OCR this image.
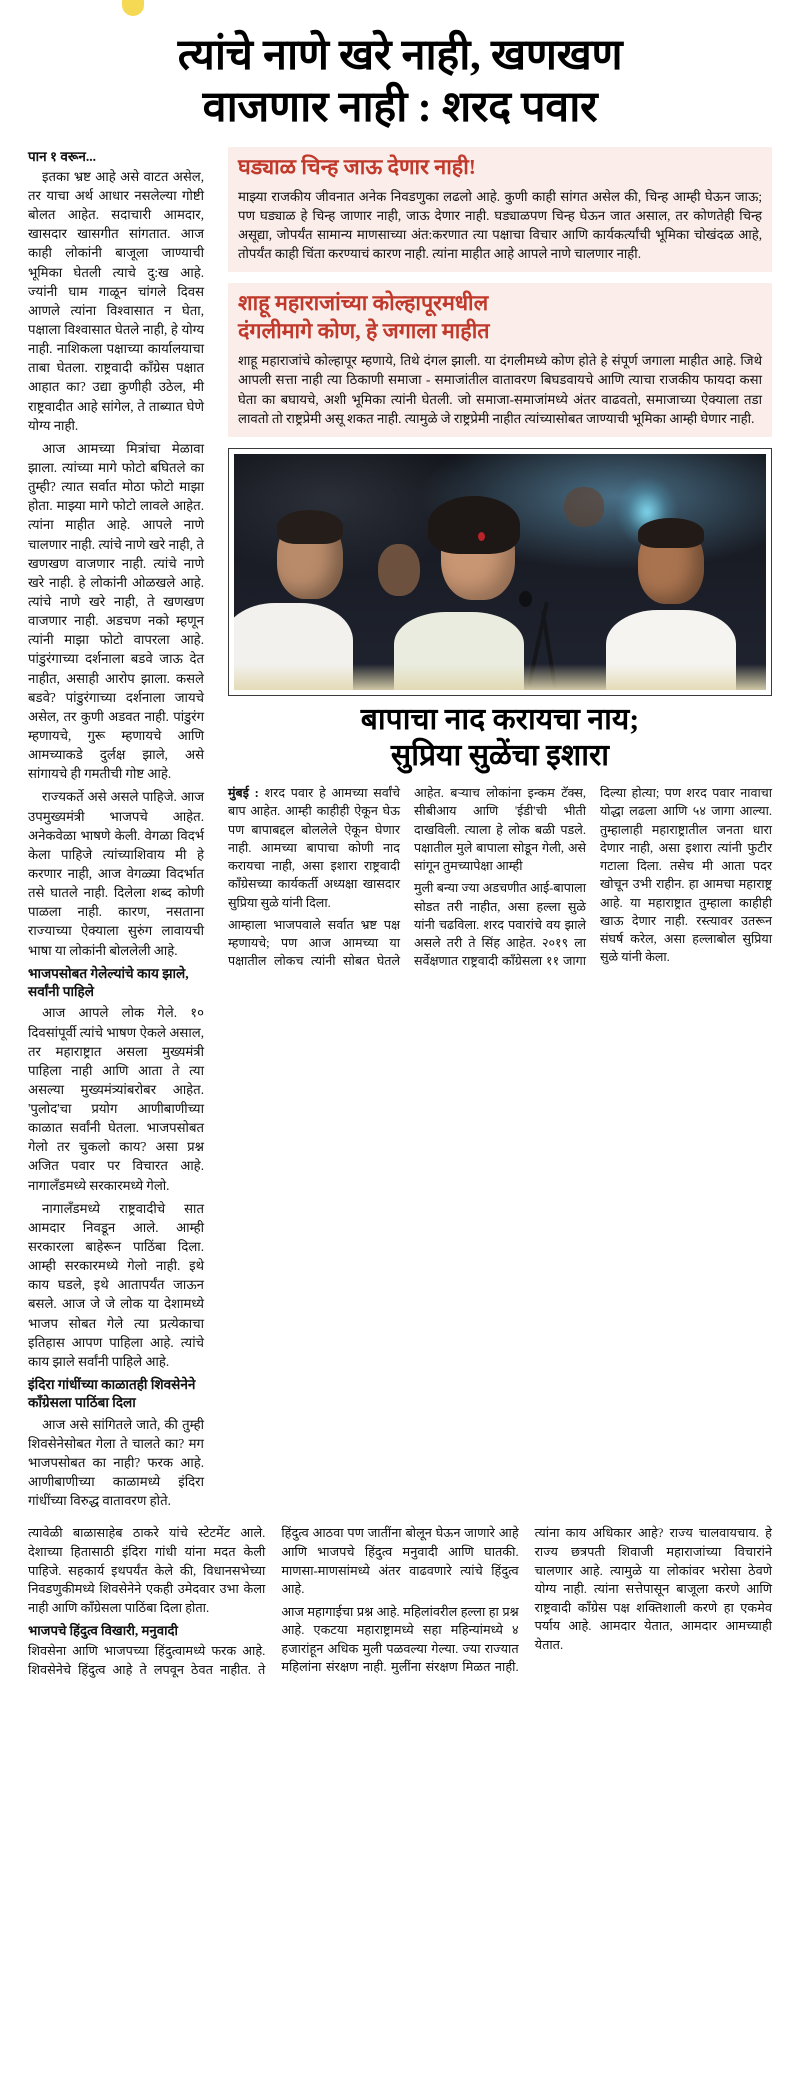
त्यांचे नाणे खरे नाही, खणखण
वाजणार नाही : शरद पवार
पान १ वरून...

इतका भ्रष्ट आहे असे वाटत असेल, तर याचा अर्थ आधार नसलेल्या गोष्टी बोलत आहेत. सदाचारी आमदार, खासदार खासगीत सांगतात. आज काही लोकांनी बाजूला जाण्याची भूमिका घेतली त्याचे दु:ख आहे. ज्यांनी घाम गाळून चांगले दिवस आणले त्यांना विश्वासात न घेता, पक्षाला विश्वासात घेतले नाही, हे योग्य नाही. नाशिकला पक्षाच्या कार्यालयाचा ताबा घेतला. राष्ट्रवादी काँग्रेस पक्षात आहात का? उद्या कुणीही उठेल, मी राष्ट्रवादीत आहे सांगेल, ते ताब्यात घेणे योग्य नाही.

आज आमच्या मित्रांचा मेळावा झाला. त्यांच्या मागे फोटो बघितले का तुम्ही? त्यात सर्वात मोठा फोटो माझा होता. माझ्या मागे फोटो लावले आहेत. त्यांना माहीत आहे. आपले नाणे चालणार नाही. त्यांचे नाणे खरे नाही, ते खणखण वाजणार नाही. त्यांचे नाणे खरे नाही. हे लोकांनी ओळखले आहे. त्यांचे नाणे खरे नाही, ते खणखण वाजणार नाही. अडचण नको म्हणून त्यांनी माझा फोटो वापरला आहे. पांडुरंगाच्या दर्शनाला बडवे जाऊ देत नाहीत, असाही आरोप झाला. कसले बडवे? पांडुरंगाच्या दर्शनाला जायचे असेल, तर कुणी अडवत नाही. पांडुरंग म्हणायचे, गुरू म्हणायचे आणि आमच्याकडे दुर्लक्ष झाले, असे सांगायचे ही गमतीची गोष्ट आहे.

राज्यकर्ते असे असले पाहिजे. आज उपमुख्यमंत्री भाजपचे आहेत. अनेकवेळा भाषणे केली. वेगळा विदर्भ केला पाहिजे त्यांच्याशिवाय मी हे करणार नाही, आज वेगळ्या विदर्भात तसे घातले नाही. दिलेला शब्द कोणी पाळला नाही. कारण, नसताना राज्याच्या ऐक्याला सुरुंग लावायची भाषा या लोकांनी बोललेली आहे.

भाजपसोबत गेलेल्यांचे काय झाले, सर्वांनी पाहिले

आज आपले लोक गेले. १० दिवसांपूर्वी त्यांचे भाषण ऐकले असाल, तर महाराष्ट्रात असला मुख्यमंत्री पाहिला नाही आणि आता ते त्या असल्या मुख्यमंत्र्यांबरोबर आहेत. 'पुलोद'चा प्रयोग आणीबाणीच्या काळात सर्वांनी घेतला. भाजपसोबत गेलो तर चुकलो काय? असा प्रश्न अजित पवार पर विचारत आहे. नागालँडमध्ये सरकारमध्ये गेलो.

नागालँडमध्ये राष्ट्रवादीचे सात आमदार निवडून आले. आम्ही सरकारला बाहेरून पाठिंबा दिला. आम्ही सरकारमध्ये गेलो नाही. इथे काय घडले, इथे आतापर्यंत जाऊन बसले. आज जे जे लोक या देशामध्ये भाजप सोबत गेले त्या प्रत्येकाचा इतिहास आपण पाहिला आहे. त्यांचे काय झाले सर्वांनी पाहिले आहे.

इंदिरा गांधींच्या काळातही शिवसेनेने काँग्रेसला पाठिंबा दिला

आज असे सांगितले जाते, की तुम्ही शिवसेनेसोबत गेला ते चालते का? मग भाजपसोबत का नाही? फरक आहे. आणीबाणीच्या काळामध्ये इंदिरा गांधींच्या विरुद्ध वातावरण होते.

घड्याळ चिन्ह जाऊ देणार नाही!

माझ्या राजकीय जीवनात अनेक निवडणुका लढलो आहे. कुणी काही सांगत असेल की, चिन्ह आम्ही घेऊन जाऊ; पण घड्याळ हे चिन्ह जाणार नाही, जाऊ देणार नाही. घड्याळपण चिन्ह घेऊन जात असाल, तर कोणतेही चिन्ह असूद्या, जोपर्यंत सामान्य माणसाच्या अंत:करणात त्या पक्षाचा विचार आणि कार्यकर्त्यांची भूमिका चोखंदळ आहे, तोपर्यंत काही चिंता करण्याचं कारण नाही. त्यांना माहीत आहे आपले नाणे चालणार नाही.

शाहू महाराजांच्या कोल्हापूरमधील
दंगलीमागे कोण, हे जगाला माहीत

शाहू महाराजांचे कोल्हापूर म्हणाये, तिथे दंगल झाली. या दंगलीमध्ये कोण होते हे संपूर्ण जगाला माहीत आहे. जिथे आपली सत्ता नाही त्या ठिकाणी समाजा - समाजांतील वातावरण बिघडवायचे आणि त्याचा राजकीय फायदा कसा घेता का बघायचे, अशी भूमिका त्यांनी घेतली. जो समाजा-समाजांमध्ये अंतर वाढवतो, समाजाच्या ऐक्याला तडा लावतो तो राष्ट्रप्रेमी असू शकत नाही. त्यामुळे जे राष्ट्रप्रेमी नाहीत त्यांच्यासोबत जाण्याची भूमिका आम्ही घेणार नाही.

बापाचा नाद करायचा नाय;
सुप्रिया सुळेंचा इशारा

मुंबई : शरद पवार हे आमच्या सर्वांचे बाप आहेत. आम्ही काहीही ऐकून घेऊ पण बापाबद्दल बोललेले ऐकून घेणार नाही. आमच्या बापाचा कोणी नाद करायचा नाही, असा इशारा राष्ट्रवादी काँग्रेसच्या कार्यकर्ती अध्यक्षा खासदार सुप्रिया सुळे यांनी दिला.

आम्हाला भाजपवाले सर्वात भ्रष्ट पक्ष म्हणायचे; पण आज आमच्या या पक्षातील लोकच त्यांनी सोबत घेतले आहेत. बऱ्याच लोकांना इन्कम टॅक्स, सीबीआय आणि 'ईडी'ची भीती दाखविली. त्याला हे लोक बळी पडले. पक्षातील मुले बापाला सोडून गेली, असे सांगून तुमच्यापेक्षा आम्ही

मुली बन्या ज्या अडचणीत आई-बापाला सोडत तरी नाहीत, असा हल्ला सुळे यांनी चढविला. शरद पवारांचे वय झाले असले तरी ते सिंह आहेत. २०१९ ला सर्वेक्षणात राष्ट्रवादी काँग्रेसला ११ जागा दिल्या होत्या; पण शरद पवार नावाचा योद्धा लढला आणि ५४ जागा आल्या. तुम्हालाही महाराष्ट्रातील जनता धारा देणार नाही, असा इशारा त्यांनी फुटीर गटाला दिला. तसेच मी आता पदर खोचून उभी राहीन. हा आमचा महाराष्ट्र आहे. या महाराष्ट्रात तुम्हाला काहीही खाऊ देणार नाही. रस्त्यावर उतरून संघर्ष करेल, असा हल्लाबोल सुप्रिया सुळे यांनी केला.

त्यावेळी बाळासाहेब ठाकरे यांचे स्टेटमेंट आले. देशाच्या हितासाठी इंदिरा गांधी यांना मदत केली पाहिजे. सहकार्य इथपर्यंत केले की, विधानसभेच्या निवडणुकीमध्ये शिवसेनेने एकही उमेदवार उभा केला नाही आणि काँग्रेसला पाठिंबा दिला होता.

भाजपचे हिंदुत्व विखारी, मनुवादी

शिवसेना आणि भाजपच्या हिंदुत्वामध्ये फरक आहे. शिवसेनेचे हिंदुत्व आहे ते लपवून ठेवत नाहीत. ते हिंदुत्व आठवा पण जातींना बोलून घेऊन जाणारे आहे आणि भाजपचे हिंदुत्व मनुवादी आणि घातकी. माणसा-माणसांमध्ये अंतर वाढवणारे त्यांचे हिंदुत्व आहे.

आज महागाईचा प्रश्न आहे. महिलांवरील हल्ला हा प्रश्न आहे. एकटया महाराष्ट्रामध्ये सहा महिन्यांमध्ये ४ हजारांहून अधिक मुली पळवल्या गेल्या. ज्या राज्यात महिलांना संरक्षण नाही. मुलींना संरक्षण मिळत नाही. त्यांना काय अधिकार आहे? राज्य चालवायचाय. हे राज्य छत्रपती शिवाजी महाराजांच्या विचारांने चालणार आहे. त्यामुळे या लोकांवर भरोसा ठेवणे योग्य नाही. त्यांना सत्तेपासून बाजूला करणे आणि राष्ट्रवादी काँग्रेस पक्ष शक्तिशाली करणे हा एकमेव पर्याय आहे. आमदार येतात, आमदार आमच्याही येतात.
